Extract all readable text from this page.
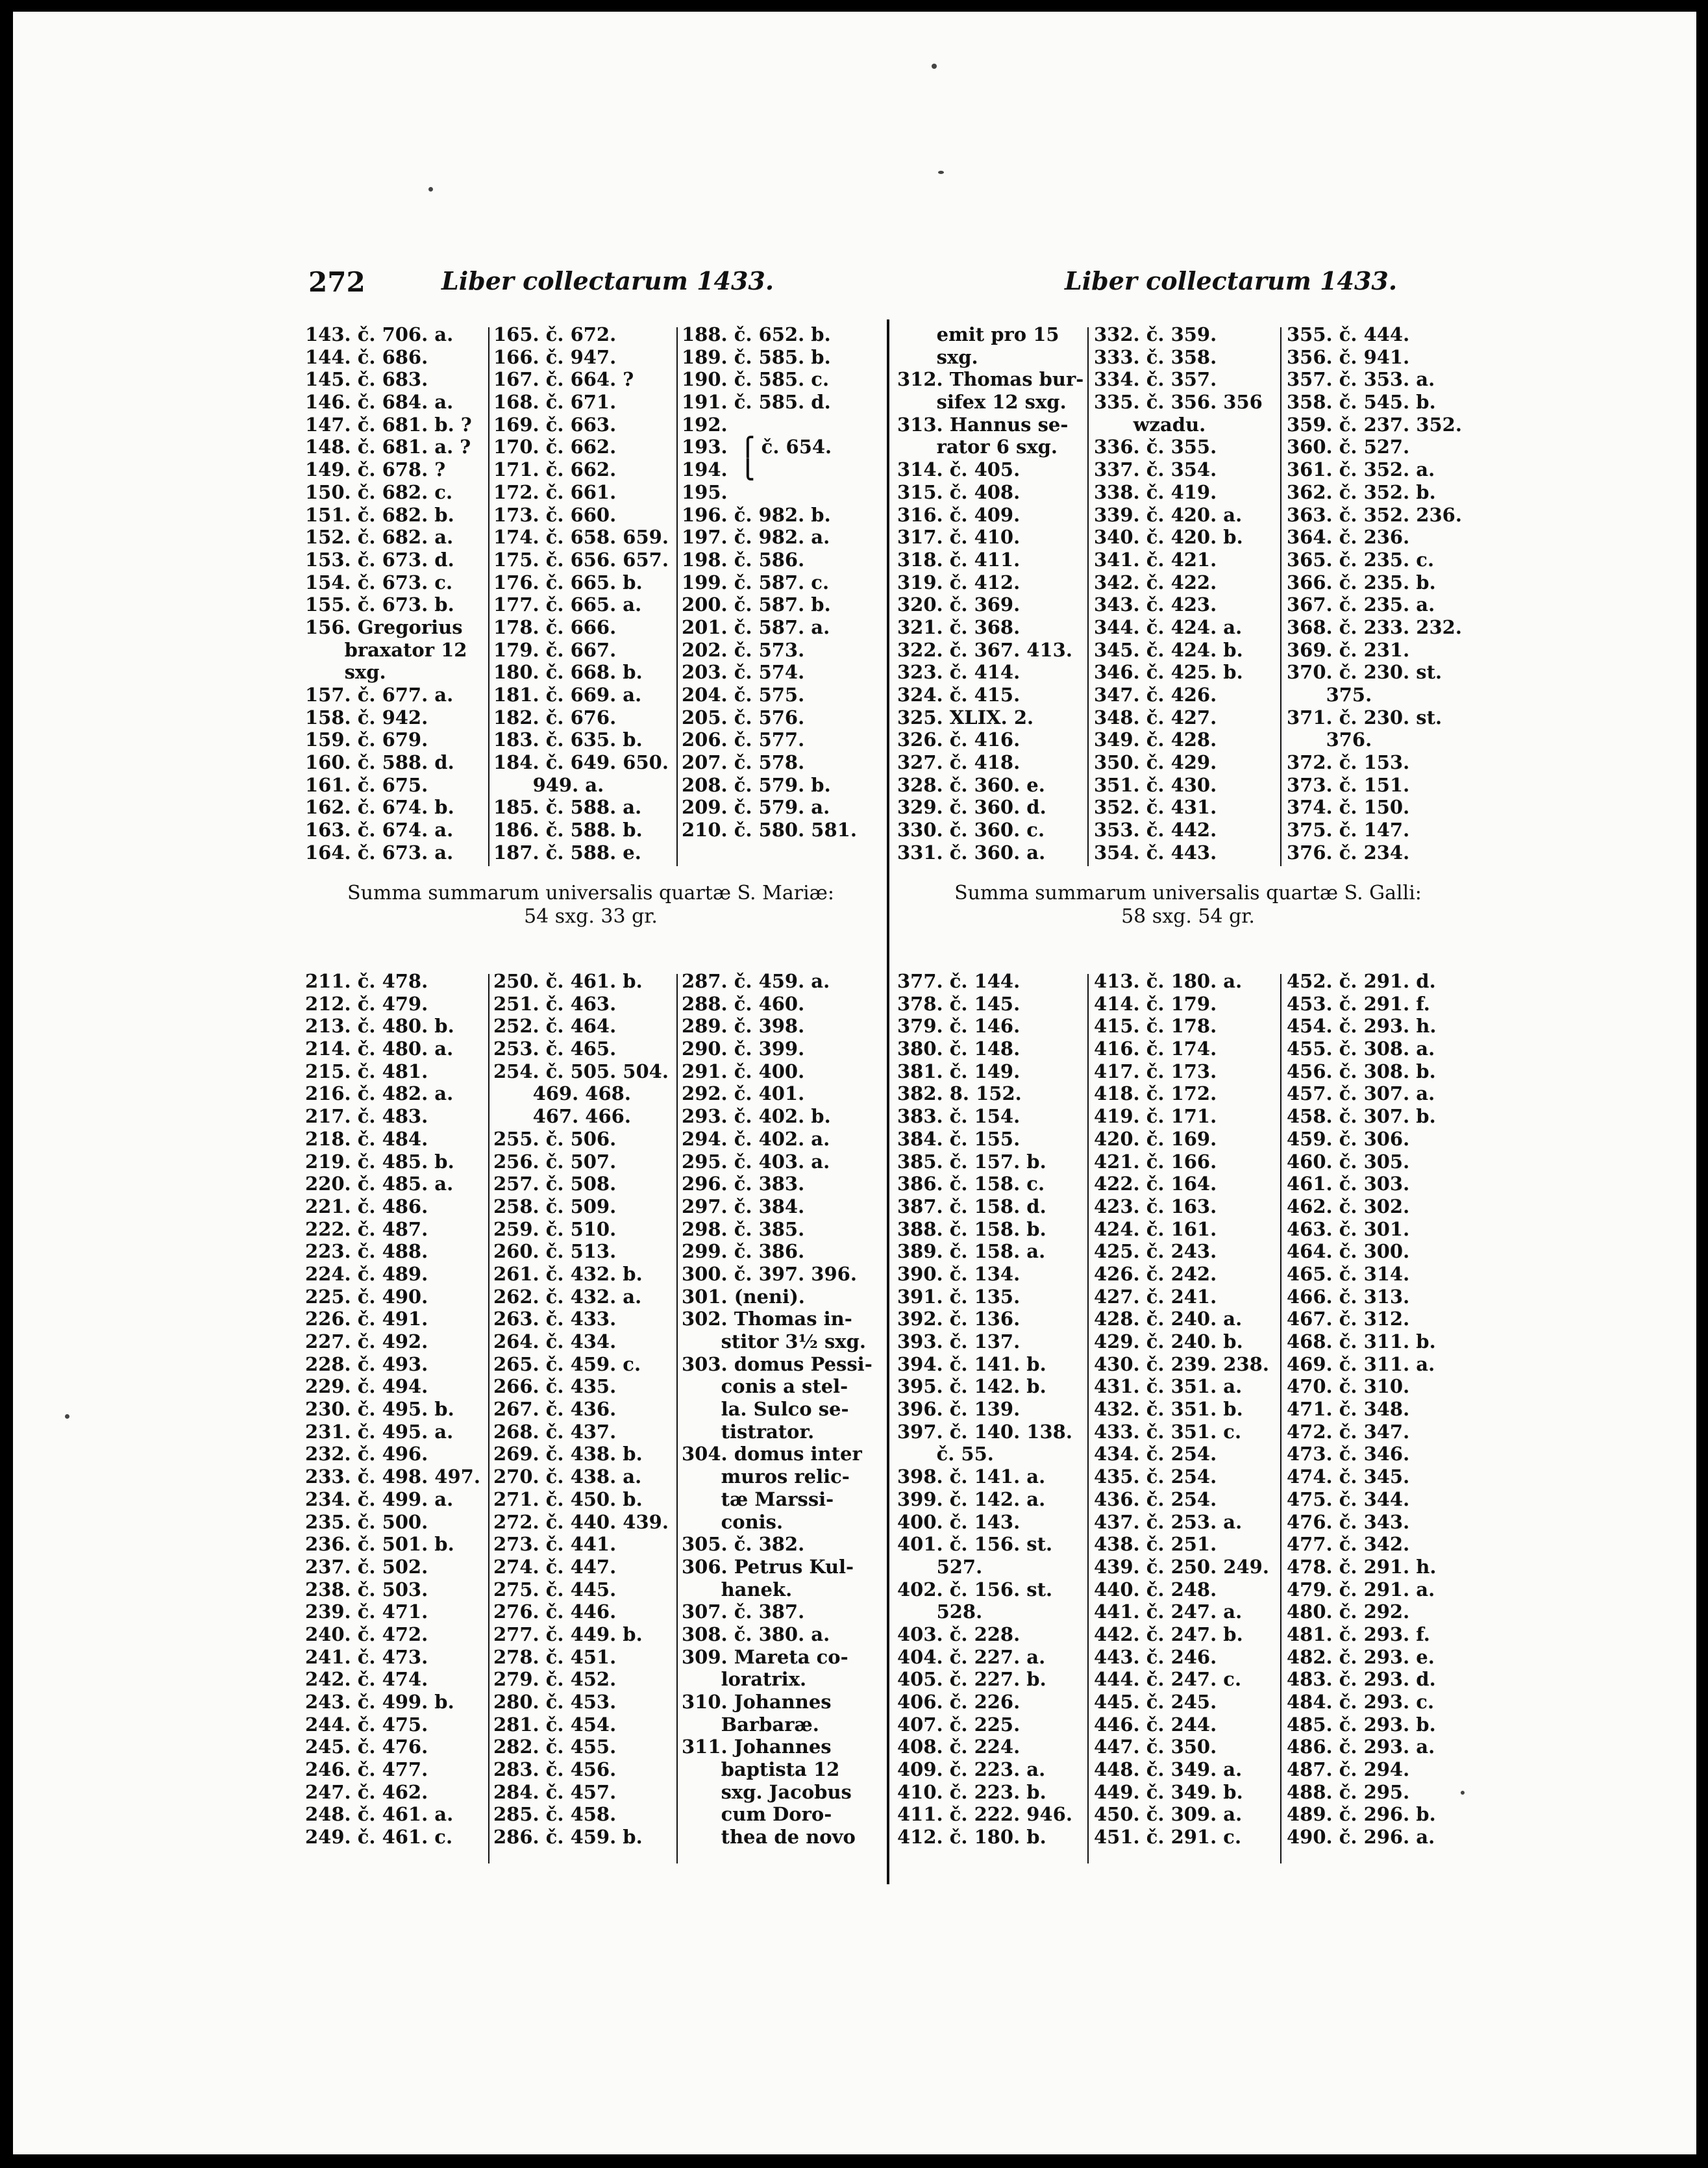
272	Liber collectarum 1433.	Liber collectarum 1433.
143. č. 706. a.
144. č. 686.
145. č. 683.
146. č. 684. a.
147. č. 681. b. ?
148. č. 681. a. ?
149. č. 678. ?
150. č. 682. c.
151. č. 682. b.
152. č. 682. a.
153. č. 673. d.
154. č. 673. c.
155. č. 673. b.
156. Gregorius
braxator 12
sxg.
157. č. 677. a.
158. č. 942.
159. č. 679.
160. č. 588. d.
161. č. 675.
162. č. 674. b.
163. č. 674. a.
164. č. 673. a.
165. č. 672.
166. č. 947.
167. č. 664. ?
168. č. 671.
169. č. 663.
170. č. 662.
171. č. 662.
172. č. 661.
173. č. 660.
174. č. 658. 659.
175. č. 656. 657.
176. č. 665. b.
177. č. 665. a.
178. č. 666.
179. č. 667.
180. č. 668. b.
181. č. 669. a.
182. č. 676.
183. č. 635. b.
184. č. 649. 650.
949. a.
185. č. 588. a.
186. č. 588. b.
187. č. 588. e.
188. č. 652. b.
189. č. 585. b.
190. č. 585. c.
191. č. 585. d.
192.
193.  ⎧ č. 654.
194.  ⎩
195.
196. č. 982. b.
197. č. 982. a.
198. č. 586.
199. č. 587. c.
200. č. 587. b.
201. č. 587. a.
202. č. 573.
203. č. 574.
204. č. 575.
205. č. 576.
206. č. 577.
207. č. 578.
208. č. 579. b.
209. č. 579. a.
210. č. 580. 581.
Summa summarum universalis quartæ S. Mariæ:
54 sxg. 33 gr.
emit pro 15
sxg.
312. Thomas bur-
sifex 12 sxg.
313. Hannus se-
rator 6 sxg.
314. č. 405.
315. č. 408.
316. č. 409.
317. č. 410.
318. č. 411.
319. č. 412.
320. č. 369.
321. č. 368.
322. č. 367. 413.
323. č. 414.
324. č. 415.
325. XLIX. 2.
326. č. 416.
327. č. 418.
328. č. 360. e.
329. č. 360. d.
330. č. 360. c.
331. č. 360. a.
332. č. 359.
333. č. 358.
334. č. 357.
335. č. 356. 356
wzadu.
336. č. 355.
337. č. 354.
338. č. 419.
339. č. 420. a.
340. č. 420. b.
341. č. 421.
342. č. 422.
343. č. 423.
344. č. 424. a.
345. č. 424. b.
346. č. 425. b.
347. č. 426.
348. č. 427.
349. č. 428.
350. č. 429.
351. č. 430.
352. č. 431.
353. č. 442.
354. č. 443.
355. č. 444.
356. č. 941.
357. č. 353. a.
358. č. 545. b.
359. č. 237. 352.
360. č. 527.
361. č. 352. a.
362. č. 352. b.
363. č. 352. 236.
364. č. 236.
365. č. 235. c.
366. č. 235. b.
367. č. 235. a.
368. č. 233. 232.
369. č. 231.
370. č. 230. st.
375.
371. č. 230. st.
376.
372. č. 153.
373. č. 151.
374. č. 150.
375. č. 147.
376. č. 234.
Summa summarum universalis quartæ S. Galli:
58 sxg. 54 gr.
211. č. 478.
212. č. 479.
213. č. 480. b.
214. č. 480. a.
215. č. 481.
216. č. 482. a.
217. č. 483.
218. č. 484.
219. č. 485. b.
220. č. 485. a.
221. č. 486.
222. č. 487.
223. č. 488.
224. č. 489.
225. č. 490.
226. č. 491.
227. č. 492.
228. č. 493.
229. č. 494.
230. č. 495. b.
231. č. 495. a.
232. č. 496.
233. č. 498. 497.
234. č. 499. a.
235. č. 500.
236. č. 501. b.
237. č. 502.
238. č. 503.
239. č. 471.
240. č. 472.
241. č. 473.
242. č. 474.
243. č. 499. b.
244. č. 475.
245. č. 476.
246. č. 477.
247. č. 462.
248. č. 461. a.
249. č. 461. c.
250. č. 461. b.
251. č. 463.
252. č. 464.
253. č. 465.
254. č. 505. 504.
469. 468.
467. 466.
255. č. 506.
256. č. 507.
257. č. 508.
258. č. 509.
259. č. 510.
260. č. 513.
261. č. 432. b.
262. č. 432. a.
263. č. 433.
264. č. 434.
265. č. 459. c.
266. č. 435.
267. č. 436.
268. č. 437.
269. č. 438. b.
270. č. 438. a.
271. č. 450. b.
272. č. 440. 439.
273. č. 441.
274. č. 447.
275. č. 445.
276. č. 446.
277. č. 449. b.
278. č. 451.
279. č. 452.
280. č. 453.
281. č. 454.
282. č. 455.
283. č. 456.
284. č. 457.
285. č. 458.
286. č. 459. b.
287. č. 459. a.
288. č. 460.
289. č. 398.
290. č. 399.
291. č. 400.
292. č. 401.
293. č. 402. b.
294. č. 402. a.
295. č. 403. a.
296. č. 383.
297. č. 384.
298. č. 385.
299. č. 386.
300. č. 397. 396.
301. (neni).
302. Thomas in-
stitor 3½ sxg.
303. domus Pessi-
conis a stel-
la. Sulco se-
tistrator.
304. domus inter
muros relic-
tæ Marssi-
conis.
305. č. 382.
306. Petrus Kul-
hanek.
307. č. 387.
308. č. 380. a.
309. Mareta co-
loratrix.
310. Johannes
Barbaræ.
311. Johannes
baptista 12
sxg. Jacobus
cum Doro-
thea de novo
377. č. 144.
378. č. 145.
379. č. 146.
380. č. 148.
381. č. 149.
382. 8. 152.
383. č. 154.
384. č. 155.
385. č. 157. b.
386. č. 158. c.
387. č. 158. d.
388. č. 158. b.
389. č. 158. a.
390. č. 134.
391. č. 135.
392. č. 136.
393. č. 137.
394. č. 141. b.
395. č. 142. b.
396. č. 139.
397. č. 140. 138.
č. 55.
398. č. 141. a.
399. č. 142. a.
400. č. 143.
401. č. 156. st.
527.
402. č. 156. st.
528.
403. č. 228.
404. č. 227. a.
405. č. 227. b.
406. č. 226.
407. č. 225.
408. č. 224.
409. č. 223. a.
410. č. 223. b.
411. č. 222. 946.
412. č. 180. b.
413. č. 180. a.
414. č. 179.
415. č. 178.
416. č. 174.
417. č. 173.
418. č. 172.
419. č. 171.
420. č. 169.
421. č. 166.
422. č. 164.
423. č. 163.
424. č. 161.
425. č. 243.
426. č. 242.
427. č. 241.
428. č. 240. a.
429. č. 240. b.
430. č. 239. 238.
431. č. 351. a.
432. č. 351. b.
433. č. 351. c.
434. č. 254.
435. č. 254.
436. č. 254.
437. č. 253. a.
438. č. 251.
439. č. 250. 249.
440. č. 248.
441. č. 247. a.
442. č. 247. b.
443. č. 246.
444. č. 247. c.
445. č. 245.
446. č. 244.
447. č. 350.
448. č. 349. a.
449. č. 349. b.
450. č. 309. a.
451. č. 291. c.
452. č. 291. d.
453. č. 291. f.
454. č. 293. h.
455. č. 308. a.
456. č. 308. b.
457. č. 307. a.
458. č. 307. b.
459. č. 306.
460. č. 305.
461. č. 303.
462. č. 302.
463. č. 301.
464. č. 300.
465. č. 314.
466. č. 313.
467. č. 312.
468. č. 311. b.
469. č. 311. a.
470. č. 310.
471. č. 348.
472. č. 347.
473. č. 346.
474. č. 345.
475. č. 344.
476. č. 343.
477. č. 342.
478. č. 291. h.
479. č. 291. a.
480. č. 292.
481. č. 293. f.
482. č. 293. e.
483. č. 293. d.
484. č. 293. c.
485. č. 293. b.
486. č. 293. a.
487. č. 294.
488. č. 295.
489. č. 296. b.
490. č. 296. a.
